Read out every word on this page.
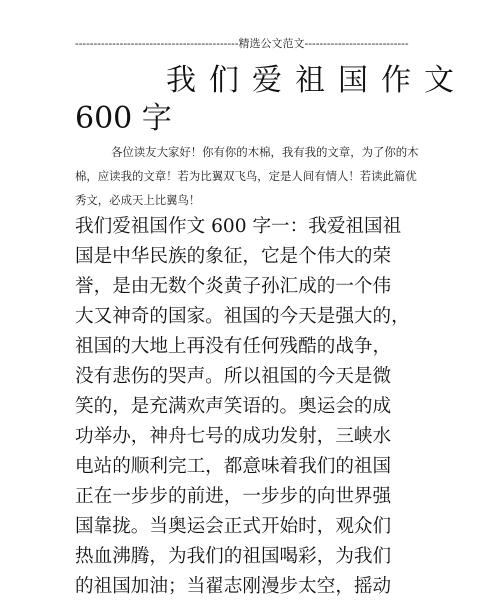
--------------------------------------------精选公文范文----------------------------
我们爱祖国作文
600 字
各位读友大家好！你有你的木棉，我有我的文章，为了你的木
棉，应读我的文章！若为比翼双飞鸟，定是人间有情人！若读此篇优
秀文，必成天上比翼鸟！
我们爱祖国作文 600 字一：我爱祖国祖
国是中华民族的象征，它是个伟大的荣
誉，是由无数个炎黄子孙汇成的一个伟
大又神奇的国家。祖国的今天是强大的，
祖国的大地上再没有任何残酷的战争，
没有悲伤的哭声。所以祖国的今天是微
笑的，是充满欢声笑语的。奥运会的成
功举办，神舟七号的成功发射，三峡水
电站的顺利完工，都意味着我们的祖国
正在一步步的前进，一步步的向世界强
国靠拢。当奥运会正式开始时，观众们
热血沸腾，为我们的祖国喝彩，为我们
的祖国加油；当翟志刚漫步太空，摇动
